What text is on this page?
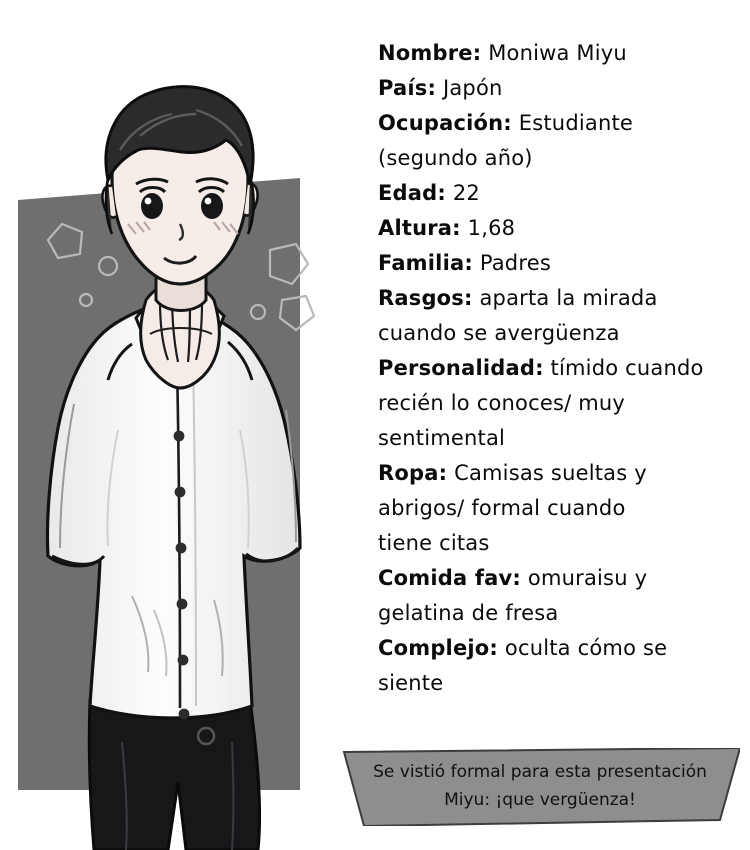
Nombre: Moniwa Miyu
País: Japón
Ocupación: Estudiante
(segundo año)
Edad: 22
Altura: 1,68
Familia: Padres
Rasgos: aparta la mirada
cuando se avergüenza
Personalidad: tímido cuando
recién lo conoces/ muy
sentimental
Ropa: Camisas sueltas y
abrigos/ formal cuando
tiene citas
Comida fav: omuraisu y
gelatina de fresa
Complejo: oculta cómo se
siente
Se vistió formal para esta presentación
Miyu: ¡que vergüenza!
